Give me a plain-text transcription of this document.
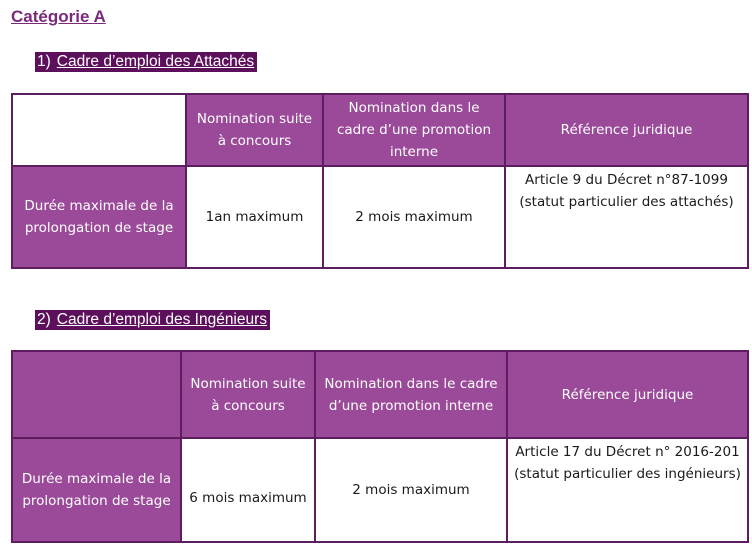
Catégorie A
1) Cadre d’emploi des Attachés
	Nomination suite à concours	Nomination dans le cadre d’une promotion interne	Référence juridique
Durée maximale de la prolongation de stage	1an maximum	2 mois maximum	Article 9 du Décret n°87-1099 (statut particulier des attachés)
2) Cadre d’emploi des Ingénieurs
	Nomination suite à concours	Nomination dans le cadre d’une promotion interne	Référence juridique
Durée maximale de la prolongation de stage	6 mois maximum	2 mois maximum	Article 17 du Décret n° 2016-201 (statut particulier des ingénieurs)
